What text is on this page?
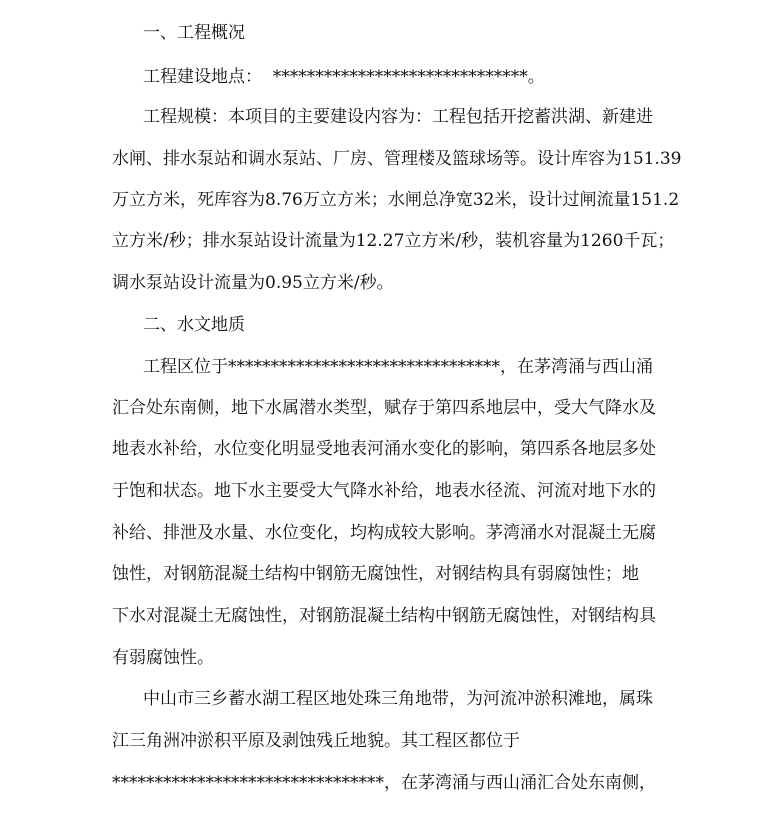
一、工程概况
工程建设地点：  ******************************。
工程规模：本项目的主要建设内容为：工程包括开挖蓄洪湖、新建进
水闸、排水泵站和调水泵站、厂房、管理楼及篮球场等。设计库容为151.39
万立方米，死库容为8.76万立方米；水闸总净宽32米，设计过闸流量151.2
立方米/秒；排水泵站设计流量为12.27立方米/秒，装机容量为1260千瓦；
调水泵站设计流量为0.95立方米/秒。
二、水文地质
工程区位于********************************，在茅湾涌与西山涌
汇合处东南侧，地下水属潜水类型，赋存于第四系地层中，受大气降水及
地表水补给，水位变化明显受地表河涌水变化的影响，第四系各地层多处
于饱和状态。地下水主要受大气降水补给，地表水径流、河流对地下水的
补给、排泄及水量、水位变化，均构成较大影响。茅湾涌水对混凝土无腐
蚀性，对钢筋混凝土结构中钢筋无腐蚀性，对钢结构具有弱腐蚀性；地
下水对混凝土无腐蚀性，对钢筋混凝土结构中钢筋无腐蚀性，对钢结构具
有弱腐蚀性。
中山市三乡蓄水湖工程区地处珠三角地带，为河流冲淤积滩地，属珠
江三角洲冲淤积平原及剥蚀残丘地貌。其工程区都位于
********************************，在茅湾涌与西山涌汇合处东南侧，
